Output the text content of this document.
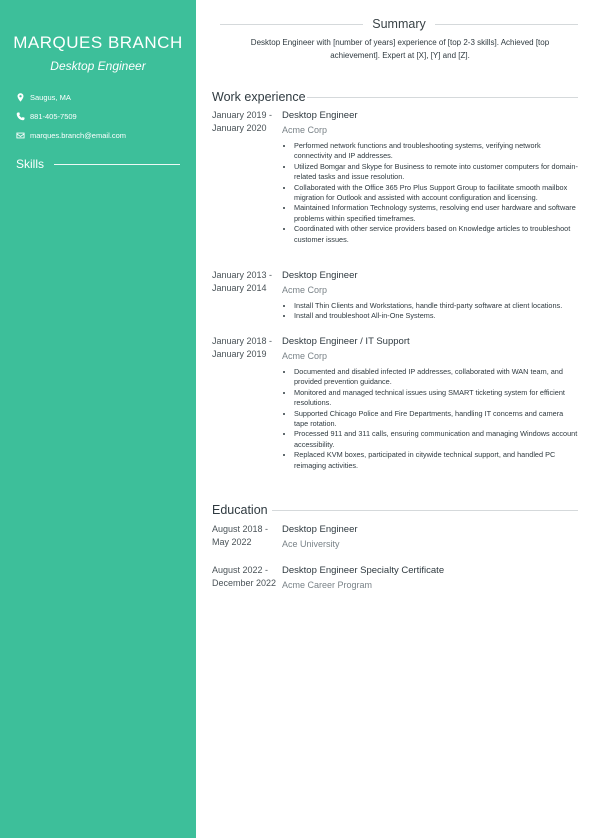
MARQUES BRANCH
Desktop Engineer
Saugus, MA
881-405-7509
marques.branch@email.com
Skills
Summary
Desktop Engineer with [number of years] experience of [top 2-3 skills]. Achieved [top achievement]. Expert at [X], [Y] and [Z].
Work experience
January 2019 - January 2020
Desktop Engineer
Acme Corp
• Performed network functions and troubleshooting systems, verifying network connectivity and IP addresses.
• Utilized Bomgar and Skype for Business to remote into customer computers for domain-related tasks and issue resolution.
• Collaborated with the Office 365 Pro Plus Support Group to facilitate smooth mailbox migration for Outlook and assisted with account configuration and licensing.
• Maintained Information Technology systems, resolving end user hardware and software problems within specified timeframes.
• Coordinated with other service providers based on Knowledge articles to troubleshoot customer issues.
January 2013 - January 2014
Desktop Engineer
Acme Corp
• Install Thin Clients and Workstations, handle third-party software at client locations.
• Install and troubleshoot All-in-One Systems.
January 2018 - January 2019
Desktop Engineer / IT Support
Acme Corp
• Documented and disabled infected IP addresses, collaborated with WAN team, and provided prevention guidance.
• Monitored and managed technical issues using SMART ticketing system for efficient resolutions.
• Supported Chicago Police and Fire Departments, handling IT concerns and camera tape rotation.
• Processed 911 and 311 calls, ensuring communication and managing Windows account accessibility.
• Replaced KVM boxes, participated in citywide technical support, and handled PC reimaging activities.
Education
August 2018 - May 2022
Desktop Engineer
Ace University
August 2022 - December 2022
Desktop Engineer Specialty Certificate
Acme Career Program
